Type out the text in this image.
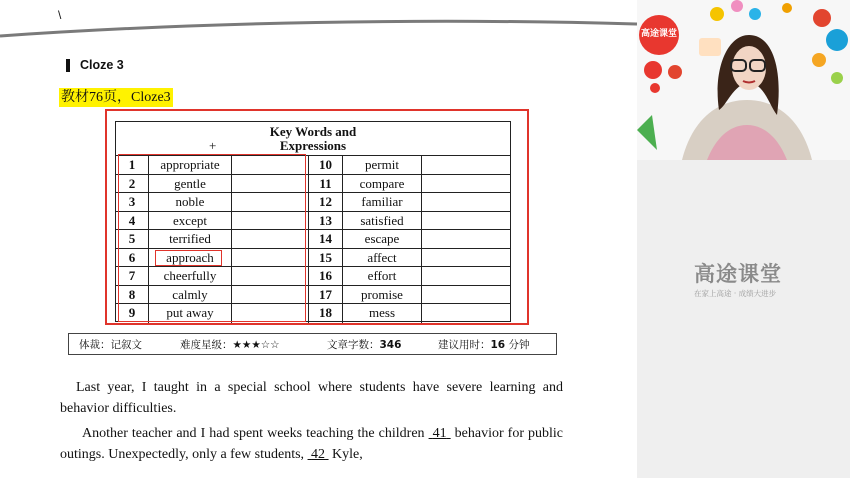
\
Cloze 3
教材76页，Cloze3
Key Words and
Expressions
+
1	appropriate	10	permit
2	gentle	11	compare
3	noble	12	familiar
4	except	13	satisfied
5	terrified	14	escape
6	approach	15	affect
7	cheerfully	16	effort
8	calmly	17	promise
9	put away	18	mess
体裁：记叙文	难度星级：★★★☆☆	文章字数：346	建议用时：16 分钟
Last year, I taught in a special school where students have severe learning and behavior difficulties.
Another teacher and I had spent weeks teaching the children 41 behavior for public outings. Unexpectedly, only a few students, 42 Kyle,
高途课堂
高途课堂
在家上高途 · 成绩大进步
